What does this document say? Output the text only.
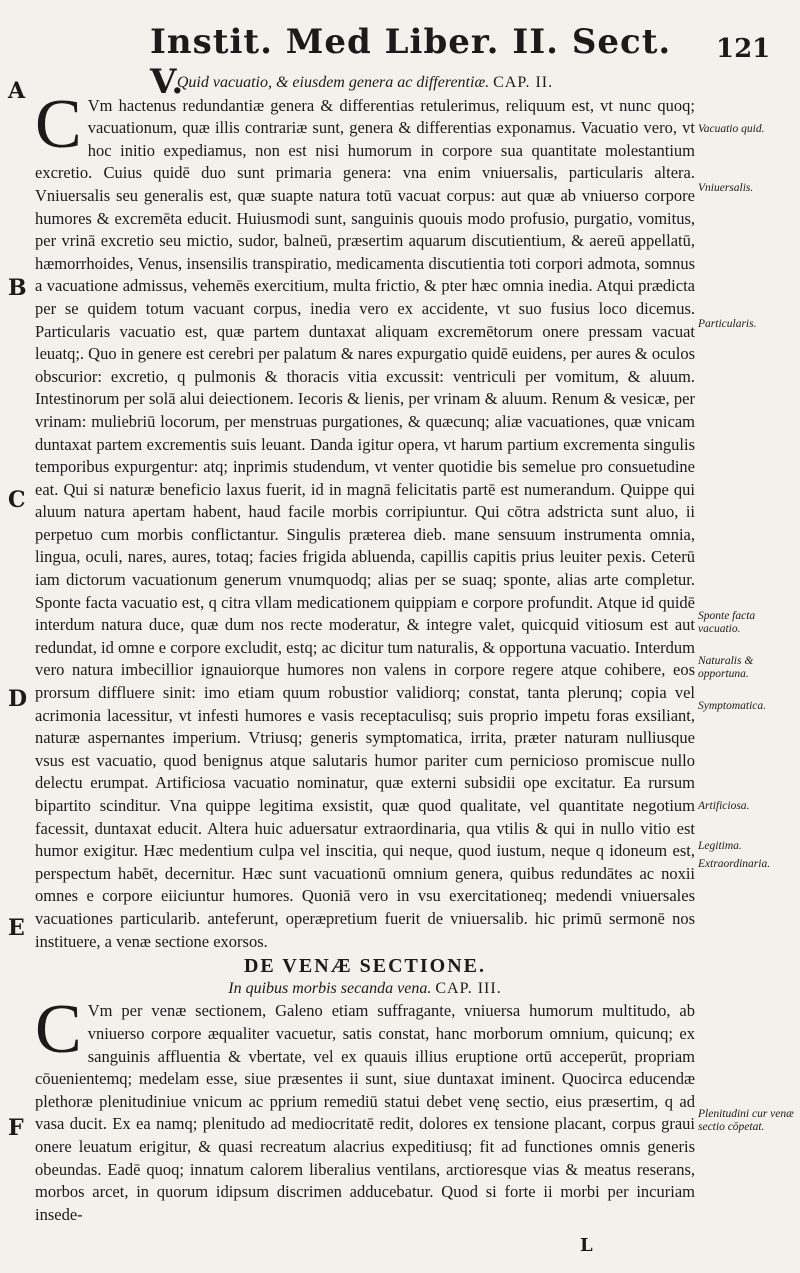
Instit. Med Liber. II. Sect. V.
121
A
B
C
D
E
F

Quid vacuatio, & eiusdem genera ac differentiæ. CAP. II.

C Vm hactenus redundantiæ genera & differentias retulerimus, reliquum est, vt nunc quoq; vacuationum, quæ illis contrariæ sunt, genera & differentias exponamus. Vacuatio vero, vt hoc initio expediamus, non est nisi humorum in corpore sua quantitate molestantium excretio. Cuius quidē duo sunt primaria genera: vna enim vniuersalis, particularis altera. Vniuersalis seu generalis est, quæ suapte natura totū vacuat corpus: aut quæ ab vniuerso corpore humores & excremēta educit. Huiusmodi sunt, sanguinis quouis modo profusio, purgatio, vomitus, per vrinā excretio seu mictio, sudor, balneū, præsertim aquarum discutientium, & aereū appellatū, hæmorrhoides, Venus, insensilis transpiratio, medicamenta discutientia toti corpori admota, somnus a vacuatione admissus, vehemēs exercitium, multa frictio, & pter hæc omnia inedia. Atqui prædicta per se quidem totum vacuant corpus, inedia vero ex accidente, vt suo fusius loco dicemus. Particularis vacuatio est, quæ partem duntaxat aliquam excremētorum onere pressam vacuat leuatq;. Quo in genere est cerebri per palatum & nares expurgatio quidē euidens, per aures & oculos obscurior: excretio, q pulmonis & thoracis vitia excussit: ventriculi per vomitum, & aluum. Intestinorum per solā alui deiectionem. Iecoris & lienis, per vrinam & aluum. Renum & vesicæ, per vrinam: muliebriū locorum, per menstruas purgationes, & quæcunq; aliæ vacuationes, quæ vnicam duntaxat partem excrementis suis leuant. Danda igitur opera, vt harum partium excrementa singulis temporibus expurgentur: atq; inprimis studendum, vt venter quotidie bis semelue pro consuetudine eat. Qui si naturæ beneficio laxus fuerit, id in magnā felicitatis partē est numerandum. Quippe qui aluum natura apertam habent, haud facile morbis corripiuntur. Qui cōtra adstricta sunt aluo, ii perpetuo cum morbis conflictantur. Singulis præterea dieb. mane sensuum instrumenta omnia, lingua, oculi, nares, aures, totaq; facies frigida abluenda, capillis capitis prius leuiter pexis. Ceterū iam dictorum vacuationum generum vnumquodq; alias per se suaq; sponte, alias arte completur. Sponte facta vacuatio est, q citra vllam medicationem quippiam e corpore profundit. Atque id quidē interdum natura duce, quæ dum nos recte moderatur, & integre valet, quicquid vitiosum est aut redundat, id omne e corpore excludit, estq; ac dicitur tum naturalis, & opportuna vacuatio. Interdum vero natura imbecillior ignauiorque humores non valens in corpore regere atque cohibere, eos prorsum diffluere sinit: imo etiam quum robustior validiorq; constat, tanta plerunq; copia vel acrimonia lacessitur, vt infesti humores e vasis receptaculisq; suis proprio impetu foras exsiliant, naturæ aspernantes imperium. Vtriusq; generis symptomatica, irrita, præter naturam nulliusque vsus est vacuatio, quod benignus atque salutaris humor pariter cum pernicioso promiscue nullo delectu erumpat. Artificiosa vacuatio nominatur, quæ externi subsidii ope excitatur. Ea rursum bipartito scinditur. Vna quippe legitima exsistit, quæ quod qualitate, vel quantitate negotium facessit, duntaxat educit. Altera huic aduersatur extraordinaria, qua vtilis & qui in nullo vitio est humor exigitur. Hæc medentium culpa vel inscitia, qui neque, quod iustum, neque q idoneum est, perspectum habēt, decernitur. Hæc sunt vacuationū omnium genera, quibus redundātes ac noxii omnes e corpore eiiciuntur humores. Quoniā vero in vsu exercitationeq; medendi vniuersales vacuationes particularib. anteferunt, operæpretium fuerit de vniuersalib. hic primū sermonē nos instituere, a venæ sectione exorsos.

DE VENÆ SECTIONE.

In quibus morbis secanda vena. CAP. III.

C Vm per venæ sectionem, Galeno etiam suffragante, vniuersa humorum multitudo, ab vniuerso corpore æqualiter vacuetur, satis constat, hanc morborum omnium, quicunq; ex sanguinis affluentia & vbertate, vel ex quauis illius eruptione ortū acceperūt, propriam cōuenientemq; medelam esse, siue præsentes ii sunt, siue duntaxat iminent. Quocirca educendæ plethoræ plenitudiniue vnicum ac pprium remediū statui debet venę sectio, eius præsertim, q ad vasa ducit. Ex ea namq; plenitudo ad mediocritatē redit, dolores ex tensione placant, corpus graui onere leuatum erigitur, & quasi recreatum alacrius expeditiusq; fit ad functiones omnis generis obeundas. Eadē quoq; innatum calorem liberalius ventilans, arctioresque vias & meatus reserans, morbos arcet, in quorum idipsum discrimen adducebatur. Quod si forte ii morbi per incuriam insede-

Vacuatio quid.
Vniuersalis.
Particularis.
Sponte facta vacuatio.
Naturalis & opportuna.
Symptomatica.
Artificiosa.
Legitima.
Extraordinaria.
Plenitudini cur venæ sectio cōpetat.
L
